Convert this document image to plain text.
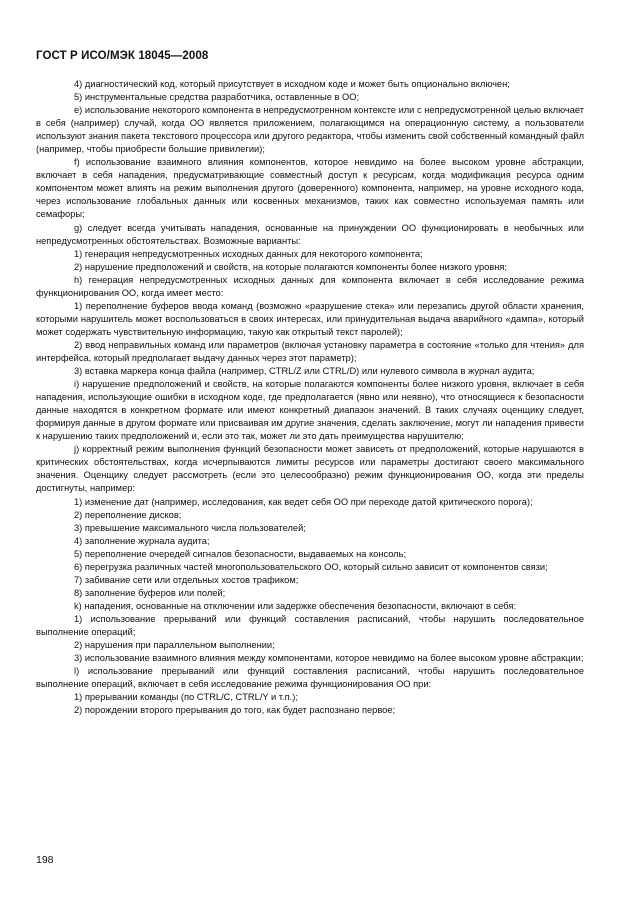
ГОСТ Р ИСО/МЭК 18045—2008

4) диагностический код, который присутствует в исходном коде и может быть опционально включен;

5) инструментальные средства разработчика, оставленные в ОО;

е) использование некоторого компонента в непредусмотренном контексте или с непредусмотренной целью включает в себя (например) случай, когда ОО является приложением, полагающимся на операционную систему, а пользователи используют знания пакета текстового процессора или другого редактора, чтобы изменить свой собственный командный файл (например, чтобы приобрести большие привилегии);

f) использование взаимного влияния компонентов, которое невидимо на более высоком уровне абстракции, включает в себя нападения, предусматривающие совместный доступ к ресурсам, когда модификация ресурса одним компонентом может влиять на режим выполнения другого (доверенного) компонента, например, на уровне исходного кода, через использование глобальных данных или косвенных механизмов, таких как совместно используемая память или семафоры;

g) следует всегда учитывать нападения, основанные на принуждении ОО функционировать в необычных или непредусмотренных обстоятельствах. Возможные варианты:

1) генерация непредусмотренных исходных данных для некоторого компонента;

2) нарушение предположений и свойств, на которые полагаются компоненты более низкого уровня;

h) генерация непредусмотренных исходных данных для компонента включает в себя исследование режима функционирования ОО, когда имеет место:

1) переполнение буферов ввода команд (возможно «разрушение стека» или перезапись другой области хранения, которыми нарушитель может воспользоваться в своих интересах, или принудительная выдача аварийного «дампа», который может содержать чувствительную информацию, такую как открытый текст паролей);

2) ввод неправильных команд или параметров (включая установку параметра в состояние «только для чтения» для интерфейса, который предполагает выдачу данных через этот параметр);

3) вставка маркера конца файла (например, CTRL/Z или CTRL/D) или нулевого символа в журнал аудита;

i) нарушение предположений и свойств, на которые полагаются компоненты более низкого уровня, включает в себя нападения, использующие ошибки в исходном коде, где предполагается (явно или неявно), что относящиеся к безопасности данные находятся в конкретном формате или имеют конкретный диапазон значений. В таких случаях оценщику следует, формируя данные в другом формате или присваивая им другие значения, сделать заключение, могут ли нападения привести к нарушению таких предположений и, если это так, может ли это дать преимущества нарушителю;

j) корректный режим выполнения функций безопасности может зависеть от предположений, которые нарушаются в критических обстоятельствах, когда исчерпываются лимиты ресурсов или параметры достигают своего максимального значения. Оценщику следует рассмотреть (если это целесообразно) режим функционирования ОО, когда эти пределы достигнуты, например:

1) изменение дат (например, исследования, как ведет себя ОО при переходе датой критического порога);

2) переполнение дисков;

3) превышение максимального числа пользователей;

4) заполнение журнала аудита;

5) переполнение очередей сигналов безопасности, выдаваемых на консоль;

6) перегрузка различных частей многопользовательского ОО, который сильно зависит от компонентов связи;

7) забивание сети или отдельных хостов трафиком;

8) заполнение буферов или полей;

k) нападения, основанные на отключении или задержке обеспечения безопасности, включают в себя:

1) использование прерываний или функций составления расписаний, чтобы нарушить последовательное выполнение операций;

2) нарушения при параллельном выполнении;

3) использование взаимного влияния между компонентами, которое невидимо на более высоком уровне абстракции;

l) использование прерываний или функций составления расписаний, чтобы нарушить последовательное выполнение операций, включает в себя исследование режима функционирования ОО при:

1) прерывании команды (по CTRL/C, CTRL/Y и т.п.);

2) порождении второго прерывания до того, как будет распознано первое;

198
